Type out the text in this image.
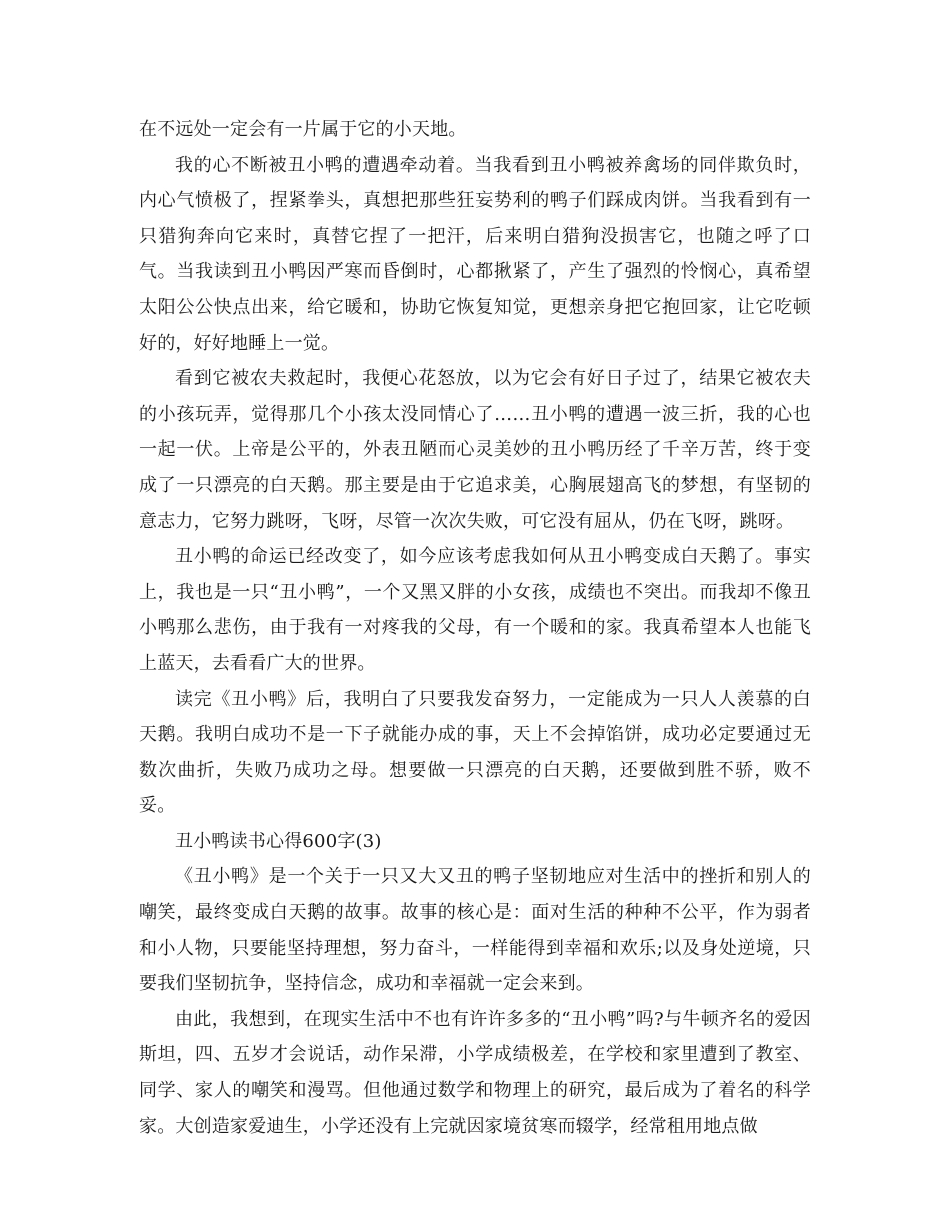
在不远处一定会有一片属于它的小天地。

我的心不断被丑小鸭的遭遇牵动着。当我看到丑小鸭被养禽场的同伴欺负时，内心气愤极了，捏紧拳头，真想把那些狂妄势利的鸭子们踩成肉饼。当我看到有一只猎狗奔向它来时，真替它捏了一把汗，后来明白猎狗没损害它，也随之呼了口气。当我读到丑小鸭因严寒而昏倒时，心都揪紧了，产生了强烈的怜悯心，真希望太阳公公快点出来，给它暖和，协助它恢复知觉，更想亲身把它抱回家，让它吃顿好的，好好地睡上一觉。

看到它被农夫救起时，我便心花怒放，以为它会有好日子过了，结果它被农夫的小孩玩弄，觉得那几个小孩太没同情心了……丑小鸭的遭遇一波三折，我的心也一起一伏。上帝是公平的，外表丑陋而心灵美妙的丑小鸭历经了千辛万苦，终于变成了一只漂亮的白天鹅。那主要是由于它追求美，心胸展翅高飞的梦想，有坚韧的意志力，它努力跳呀，飞呀，尽管一次次失败，可它没有屈从，仍在飞呀，跳呀。

丑小鸭的命运已经改变了，如今应该考虑我如何从丑小鸭变成白天鹅了。事实上，我也是一只“丑小鸭”，一个又黑又胖的小女孩，成绩也不突出。而我却不像丑小鸭那么悲伤，由于我有一对疼我的父母，有一个暖和的家。我真希望本人也能飞上蓝天，去看看广大的世界。

读完《丑小鸭》后，我明白了只要我发奋努力，一定能成为一只人人羡慕的白天鹅。我明白成功不是一下子就能办成的事，天上不会掉馅饼，成功必定要通过无数次曲折，失败乃成功之母。想要做一只漂亮的白天鹅，还要做到胜不骄，败不妥。

丑小鸭读书心得600字(3)

《丑小鸭》是一个关于一只又大又丑的鸭子坚韧地应对生活中的挫折和别人的嘲笑，最终变成白天鹅的故事。故事的核心是：面对生活的种种不公平，作为弱者和小人物，只要能坚持理想，努力奋斗，一样能得到幸福和欢乐;以及身处逆境，只要我们坚韧抗争，坚持信念，成功和幸福就一定会来到。

由此，我想到，在现实生活中不也有许许多多的“丑小鸭”吗?与牛顿齐名的爱因斯坦，四、五岁才会说话，动作呆滞，小学成绩极差，在学校和家里遭到了教室、同学、家人的嘲笑和漫骂。但他通过数学和物理上的研究，最后成为了着名的科学家。大创造家爱迪生，小学还没有上完就因家境贫寒而辍学，经常租用地点做
